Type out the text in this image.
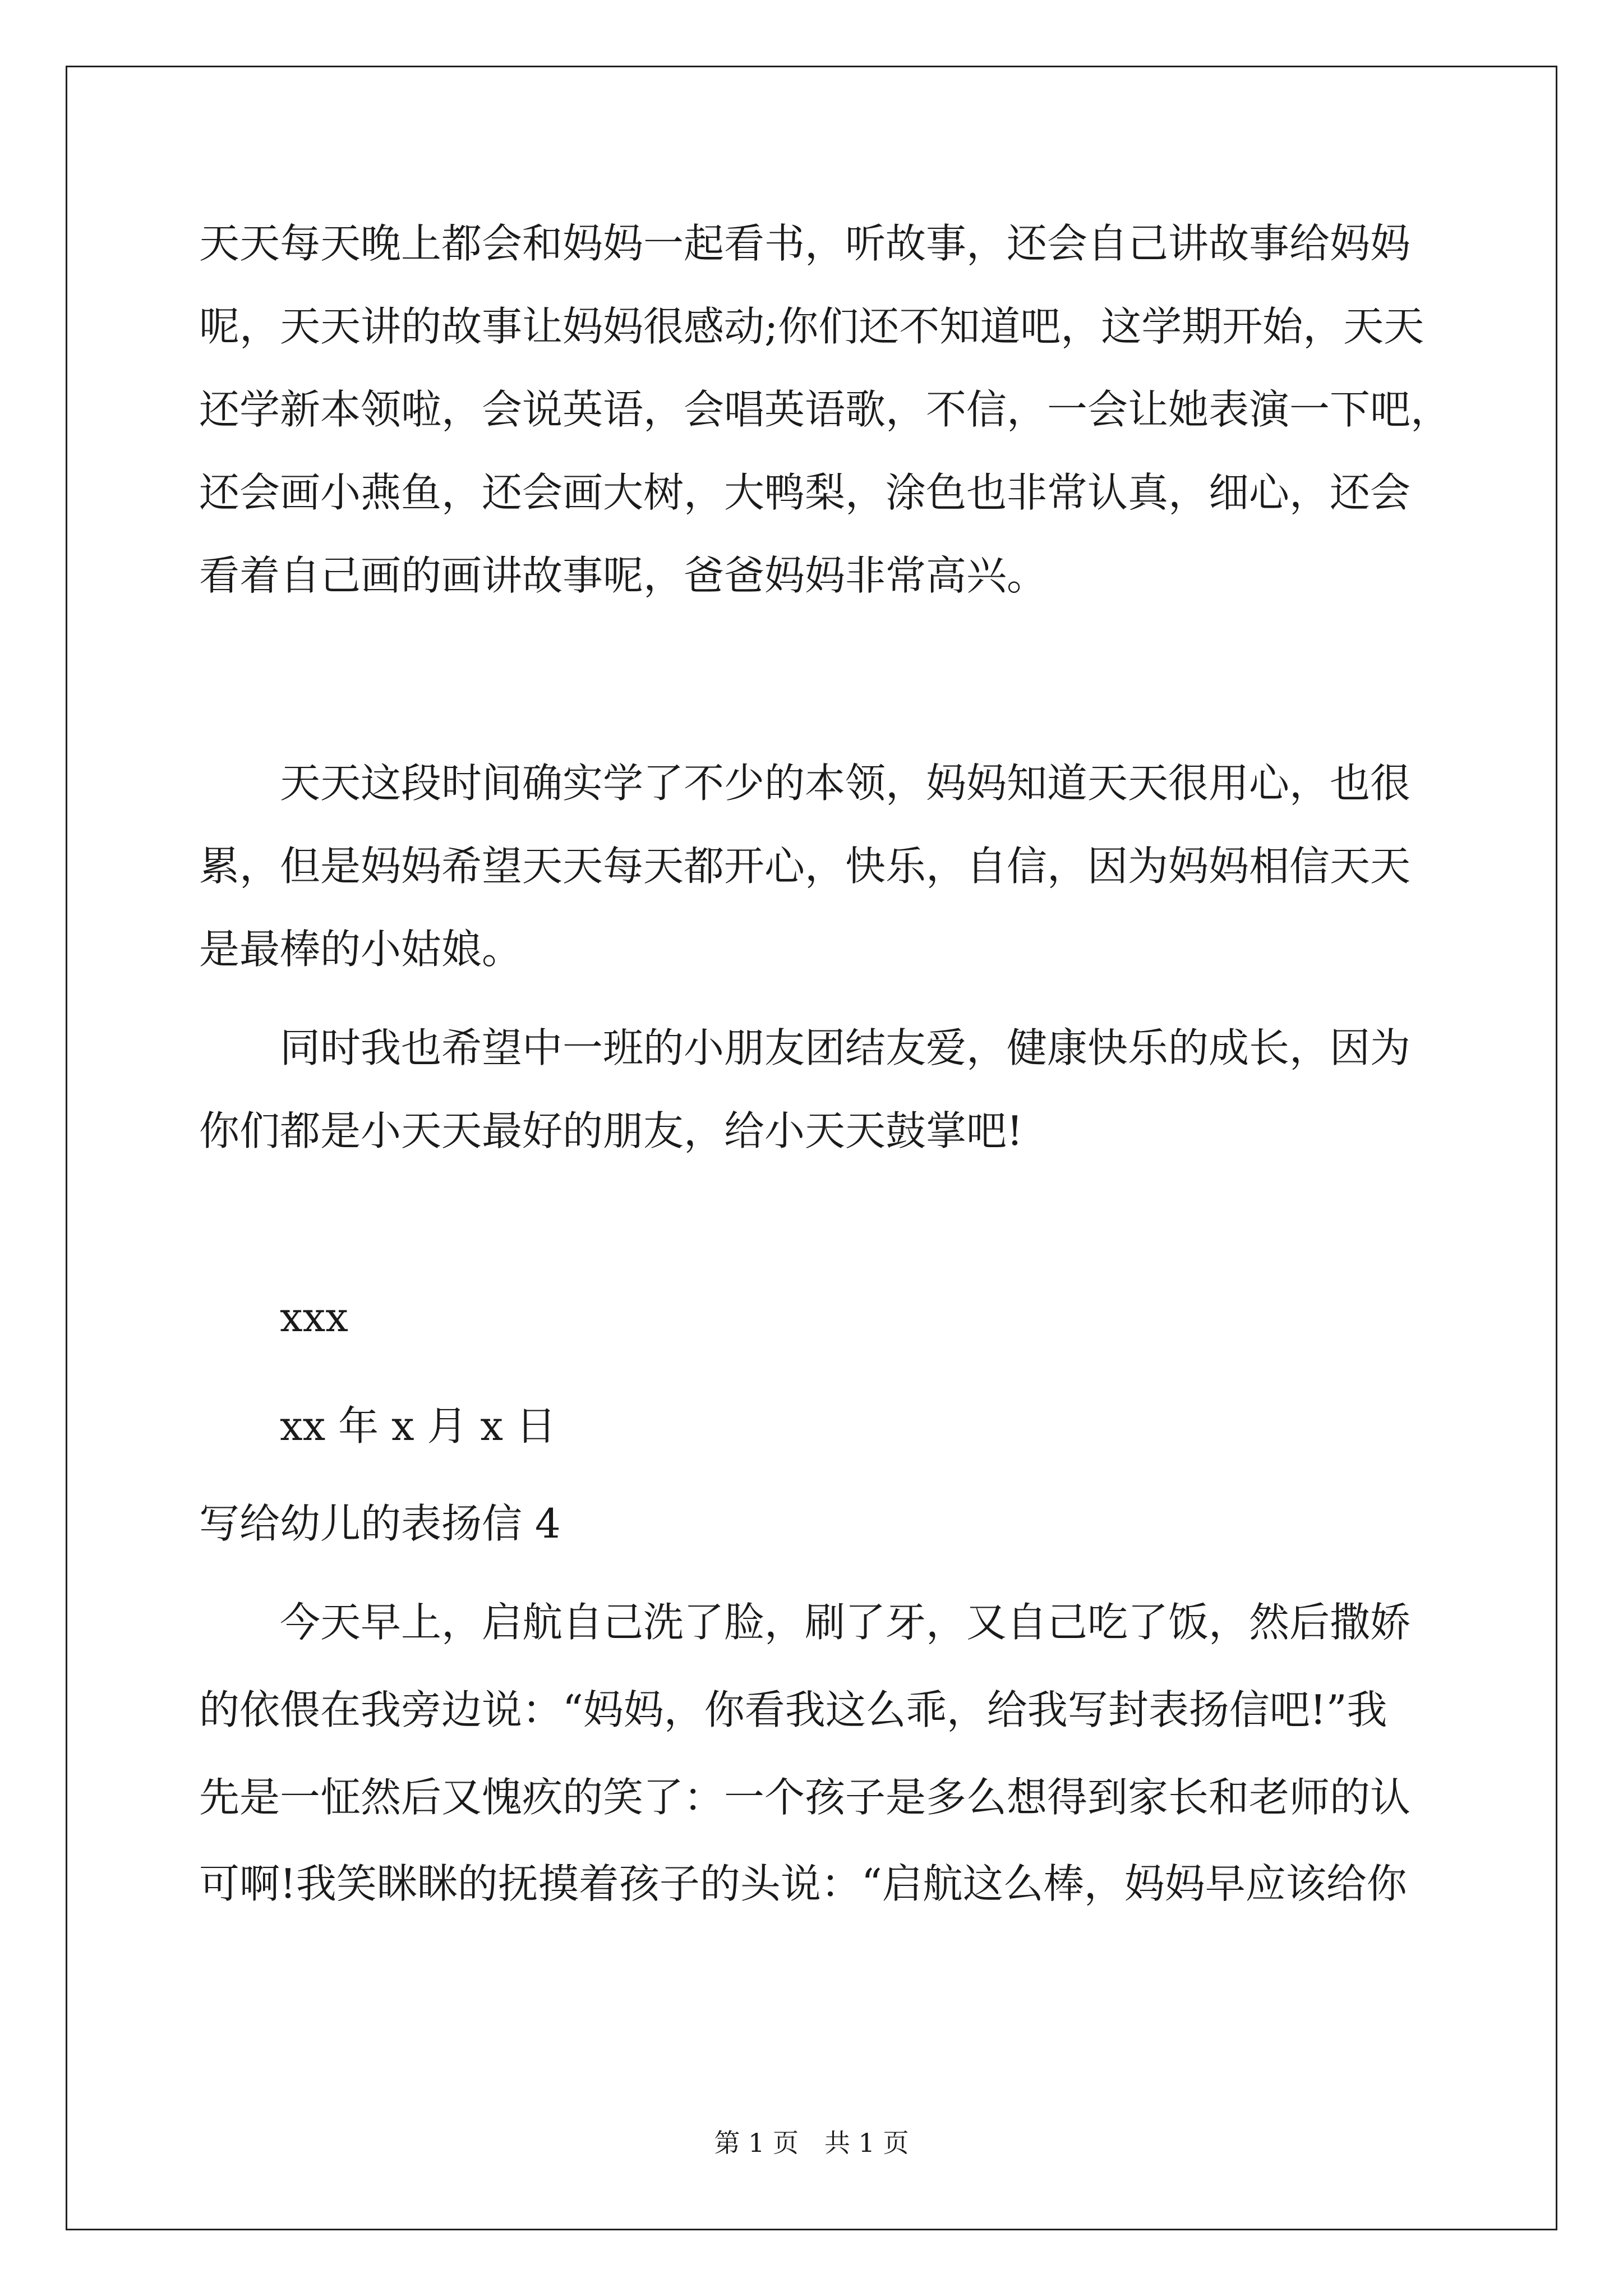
天天每天晚上都会和妈妈一起看书，听故事，还会自己讲故事给妈妈
呢，天天讲的故事让妈妈很感动;你们还不知道吧，这学期开始，天天
还学新本领啦，会说英语，会唱英语歌，不信，一会让她表演一下吧，
还会画小燕鱼，还会画大树，大鸭梨，涂色也非常认真，细心，还会
看着自己画的画讲故事呢，爸爸妈妈非常高兴。
天天这段时间确实学了不少的本领，妈妈知道天天很用心，也很
累，但是妈妈希望天天每天都开心，快乐，自信，因为妈妈相信天天
是最棒的小姑娘。
同时我也希望中一班的小朋友团结友爱，健康快乐的成长，因为
你们都是小天天最好的朋友，给小天天鼓掌吧!
xxx
xx 年 x 月 x 日
写给幼儿的表扬信 4
今天早上，启航自己洗了脸，刷了牙，又自己吃了饭，然后撒娇
的依偎在我旁边说：“妈妈，你看我这么乖，给我写封表扬信吧!”我
先是一怔然后又愧疚的笑了：一个孩子是多么想得到家长和老师的认
可啊!我笑眯眯的抚摸着孩子的头说：“启航这么棒，妈妈早应该给你
第 1 页 共 1 页
